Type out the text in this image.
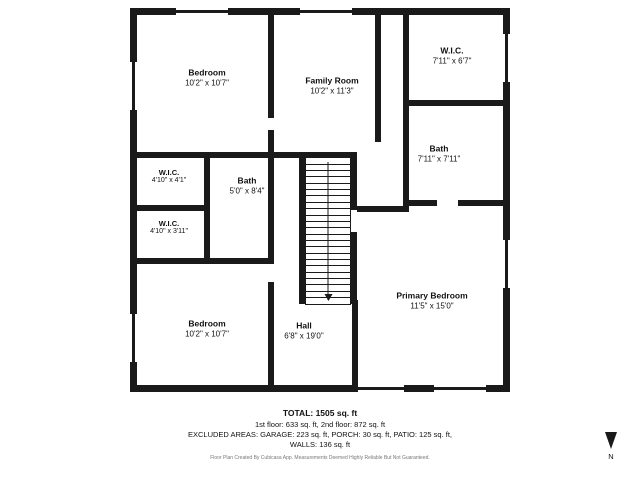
Bedroom
10'2" x 10'7"	Family Room
10'2" x 11'3"
W.I.C.
7'11" x 6'7"
Bath
7'11" x 7'11"
W.I.C.
4'10" x 4'1"	Bath
5'0" x 8'4"
W.I.C.
4'10" x 3'11"
Primary Bedroom
11'5" x 15'0"
Bedroom
10'2" x 10'7"
Hall
6'8" x 19'0"
TOTAL: 1505 sq. ft
1st floor: 633 sq. ft, 2nd floor: 872 sq. ft
EXCLUDED AREAS: GARAGE: 223 sq. ft, PORCH: 30 sq. ft, PATIO: 125 sq. ft,
WALLS: 136 sq. ft
Floor Plan Created By Cubicasa App. Measurements Deemed Highly Reliable But Not Guaranteed.	N
